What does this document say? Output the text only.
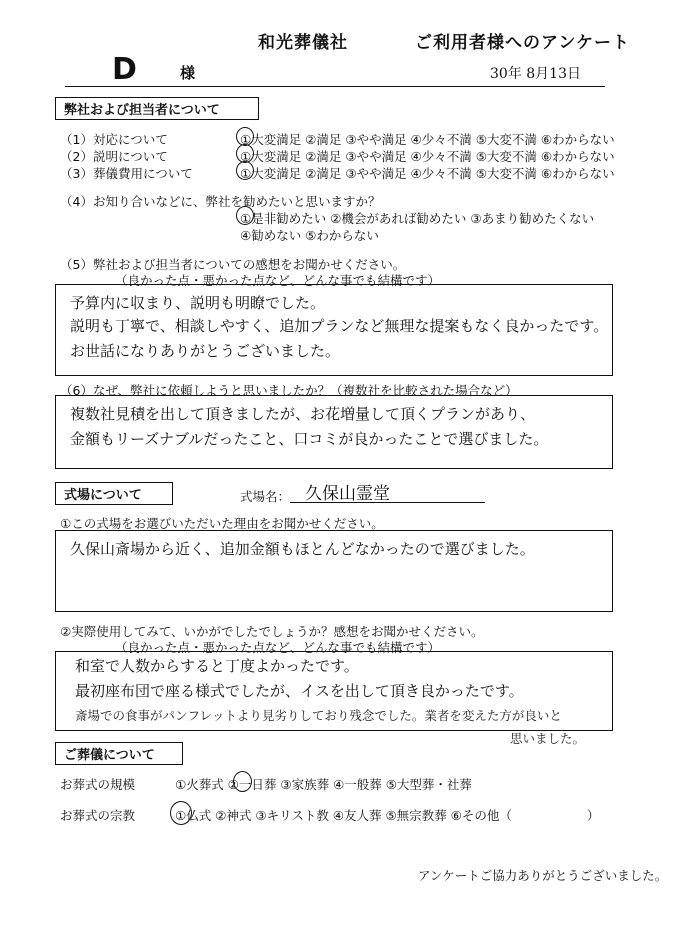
和光葬儀社	ご利用者様へのアンケート
D	様	30年 8月13日
弊社および担当者について
（1）対応について	①大変満足 ②満足 ③やや満足 ④少々不満 ⑤大変不満 ⑥わからない
（2）説明について	①大変満足 ②満足 ③やや満足 ④少々不満 ⑤大変不満 ⑥わからない
（3）葬儀費用について	①大変満足 ②満足 ③やや満足 ④少々不満 ⑤大変不満 ⑥わからない
（4）お知り合いなどに、弊社を勧めたいと思いますか？
①是非勧めたい ②機会があれば勧めたい ③あまり勧めたくない
④勧めない ⑤わからない
（5）弊社および担当者についての感想をお聞かせください。
（良かった点・悪かった点など、どんな事でも結構です）
予算内に収まり、説明も明瞭でした。
説明も丁寧で、相談しやすく、追加プランなど無理な提案もなく良かったです。
お世話になりありがとうございました。
（6）なぜ、弊社に依頼しようと思いましたか？（複数社を比較された場合など）
複数社見積を出して頂きましたが、お花増量して頂くプランがあり、
金額もリーズナブルだったこと、口コミが良かったことで選びました。
式場について	式場名： 久保山霊堂
①この式場をお選びいただいた理由をお聞かせください。
久保山斎場から近く、追加金額もほとんどなかったので選びました。
②実際使用してみて、いかがでしたでしょうか？感想をお聞かせください。
（良かった点・悪かった点など、どんな事でも結構です）
和室で人数からすると丁度よかったです。
最初座布団で座る様式でしたが、イスを出して頂き良かったです。
斎場での食事がパンフレットより見劣りしており残念でした。業者を変えた方が良いと
思いました。
ご葬儀について
お葬式の規模	①火葬式 ②一日葬 ③家族葬 ④一般葬 ⑤大型葬・社葬
お葬式の宗教	①仏式 ②神式 ③キリスト教 ④友人葬 ⑤無宗教葬 ⑥その他（　　　　　　）
アンケートご協力ありがとうございました。
